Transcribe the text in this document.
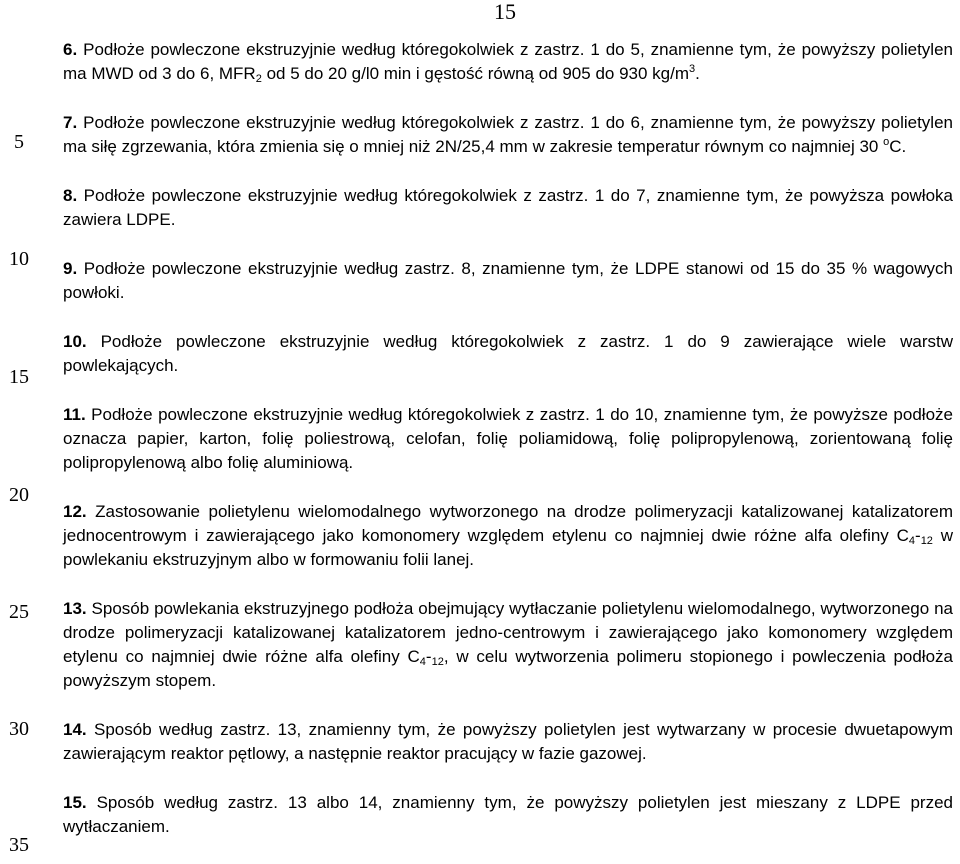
15
5
10
15
20
25
30
35

6. Podłoże powleczone ekstruzyjnie według któregokolwiek z zastrz. 1 do 5, znamienne tym, że powyższy polietylen ma MWD od 3 do 6, $MFR_2$ od 5 do 20 g/l0 min i gęstość równą od 905 do 930 $kg/m^3$.

7. Podłoże powleczone ekstruzyjnie według któregokolwiek z zastrz. 1 do 6, znamienne tym, że powyższy polietylen ma siłę zgrzewania, która zmienia się o mniej niż 2N/25,4 mm w zakresie temperatur równym co najmniej 30 $^o$C.

8. Podłoże powleczone ekstruzyjnie według któregokolwiek z zastrz. 1 do 7, znamienne tym, że powyższa powłoka zawiera LDPE.

9. Podłoże powleczone ekstruzyjnie według zastrz. 8, znamienne tym, że LDPE stanowi od 15 do 35 % wagowych powłoki.

10. Podłoże powleczone ekstruzyjnie według któregokolwiek z zastrz. 1 do 9 zawierające wiele warstw powlekających.

11. Podłoże powleczone ekstruzyjnie według któregokolwiek z zastrz. 1 do 10, znamienne tym, że powyższe podłoże oznacza papier, karton, folię poliestrową, celofan, folię poliamidową, folię polipropylenową, zorientowaną folię polipropylenową albo folię aluminiową.

12. Zastosowanie polietylenu wielomodalnego wytworzonego na drodze polimeryzacji katalizowanej katalizatorem jednocentrowym i zawierającego jako komonomery względem etylenu co najmniej dwie różne alfa olefiny $C_4-_{12}$ w powlekaniu ekstruzyjnym albo w formowaniu folii lanej.

13. Sposób powlekania ekstruzyjnego podłoża obejmujący wytłaczanie polietylenu wielomodalnego, wytworzonego na drodze polimeryzacji katalizowanej katalizatorem jedno-centrowym i zawierającego jako komonomery względem etylenu co najmniej dwie różne alfa olefiny $C_4-_{12}$, w celu wytworzenia polimeru stopionego i powleczenia podłoża powyższym stopem.

14. Sposób według zastrz. 13, znamienny tym, że powyższy polietylen jest wytwarzany w procesie dwuetapowym zawierającym reaktor pętlowy, a następnie reaktor pracujący w fazie gazowej.

15. Sposób według zastrz. 13 albo 14, znamienny tym, że powyższy polietylen jest mieszany z LDPE przed wytłaczaniem.
